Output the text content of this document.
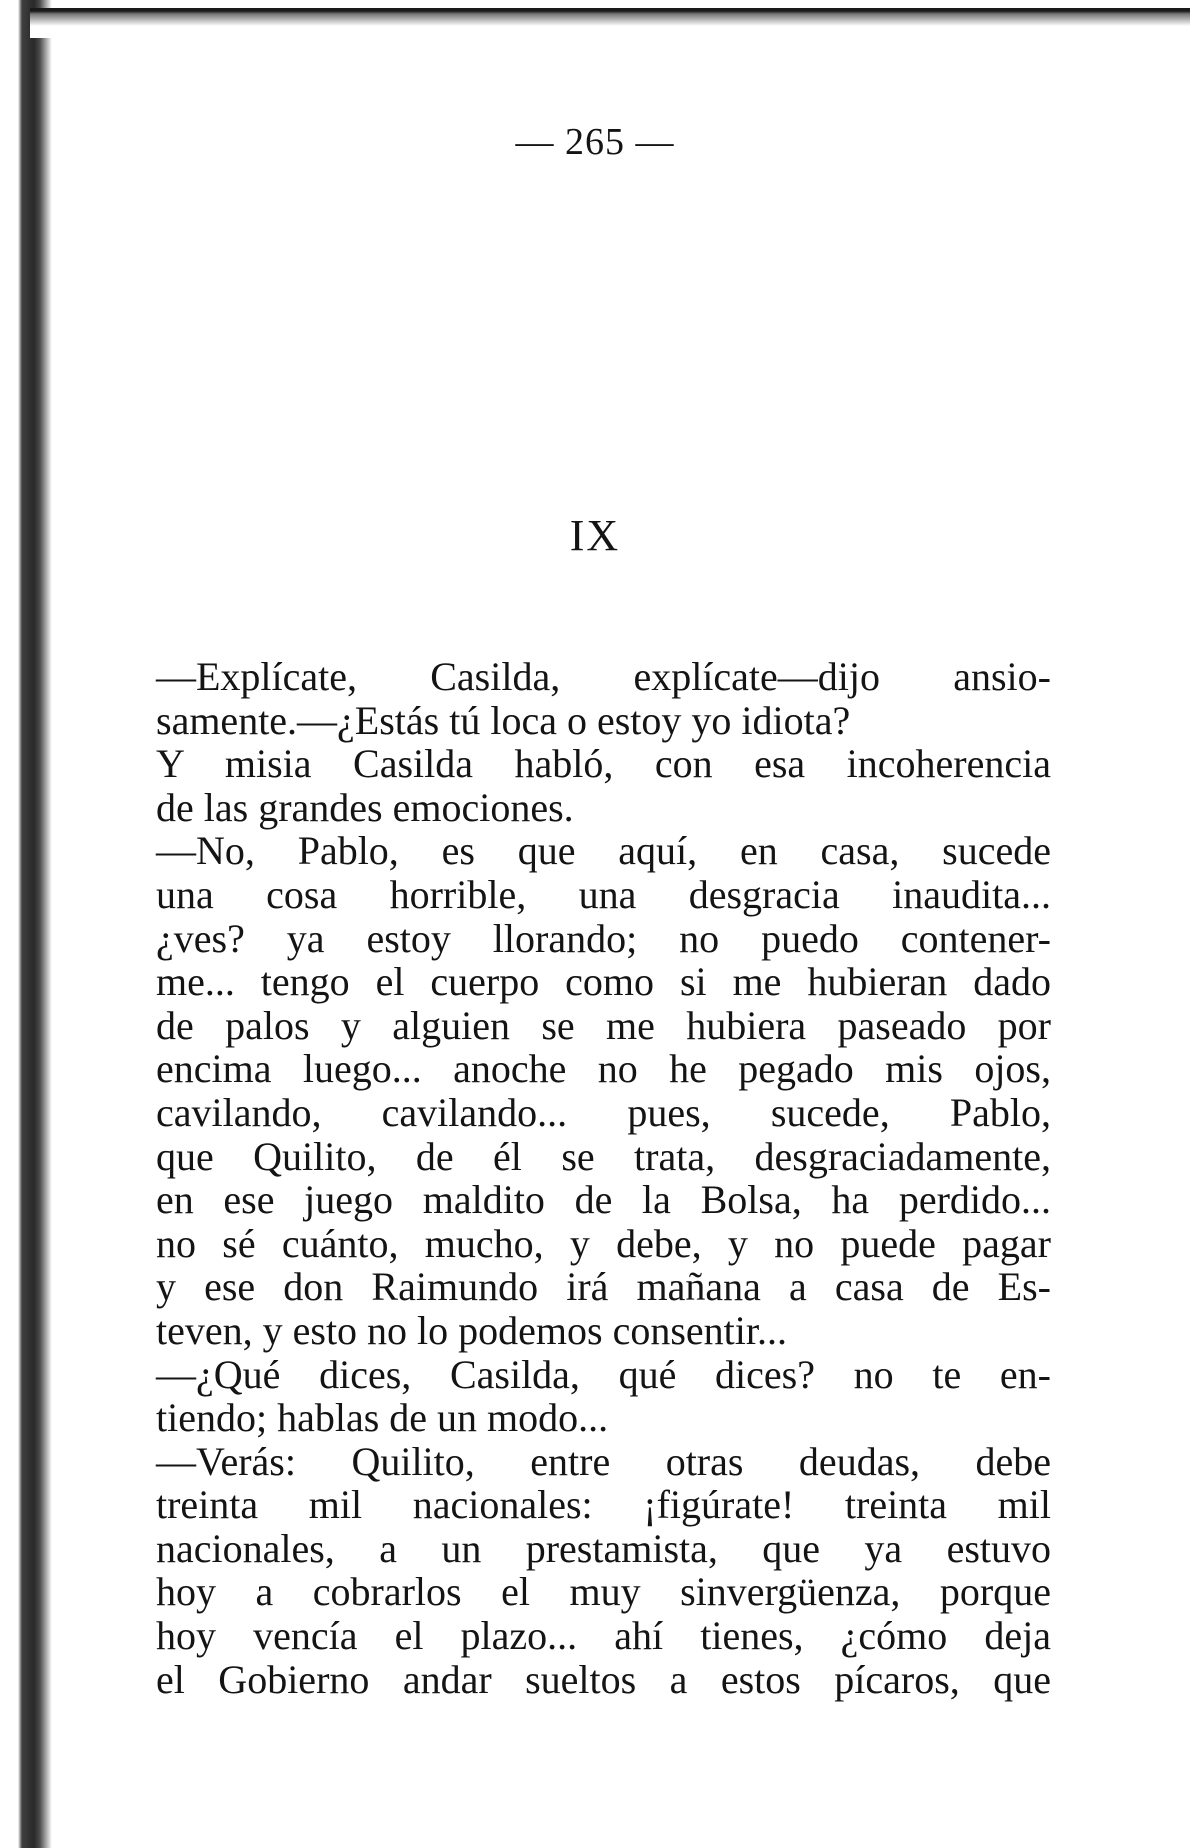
— 265 —
IX
—Explícate, Casilda, explícate—dijo ansio-
samente.—¿Estás tú loca o estoy yo idiota?
Y misia Casilda habló, con esa incoherencia
de las grandes emociones.
—No, Pablo, es que aquí, en casa, sucede
una cosa horrible, una desgracia inaudita...
¿ves? ya estoy llorando; no puedo contener-
me... tengo el cuerpo como si me hubieran dado
de palos y alguien se me hubiera paseado por
encima luego... anoche no he pegado mis ojos,
cavilando, cavilando... pues, sucede, Pablo,
que Quilito, de él se trata, desgraciadamente,
en ese juego maldito de la Bolsa, ha perdido...
no sé cuánto, mucho, y debe, y no puede pagar
y ese don Raimundo irá mañana a casa de Es-
teven, y esto no lo podemos consentir...
—¿Qué dices, Casilda, qué dices? no te en-
tiendo; hablas de un modo...
—Verás: Quilito, entre otras deudas, debe
treinta mil nacionales: ¡figúrate! treinta mil
nacionales, a un prestamista, que ya estuvo
hoy a cobrarlos el muy sinvergüenza, porque
hoy vencía el plazo... ahí tienes, ¿cómo deja
el Gobierno andar sueltos a estos pícaros, que
